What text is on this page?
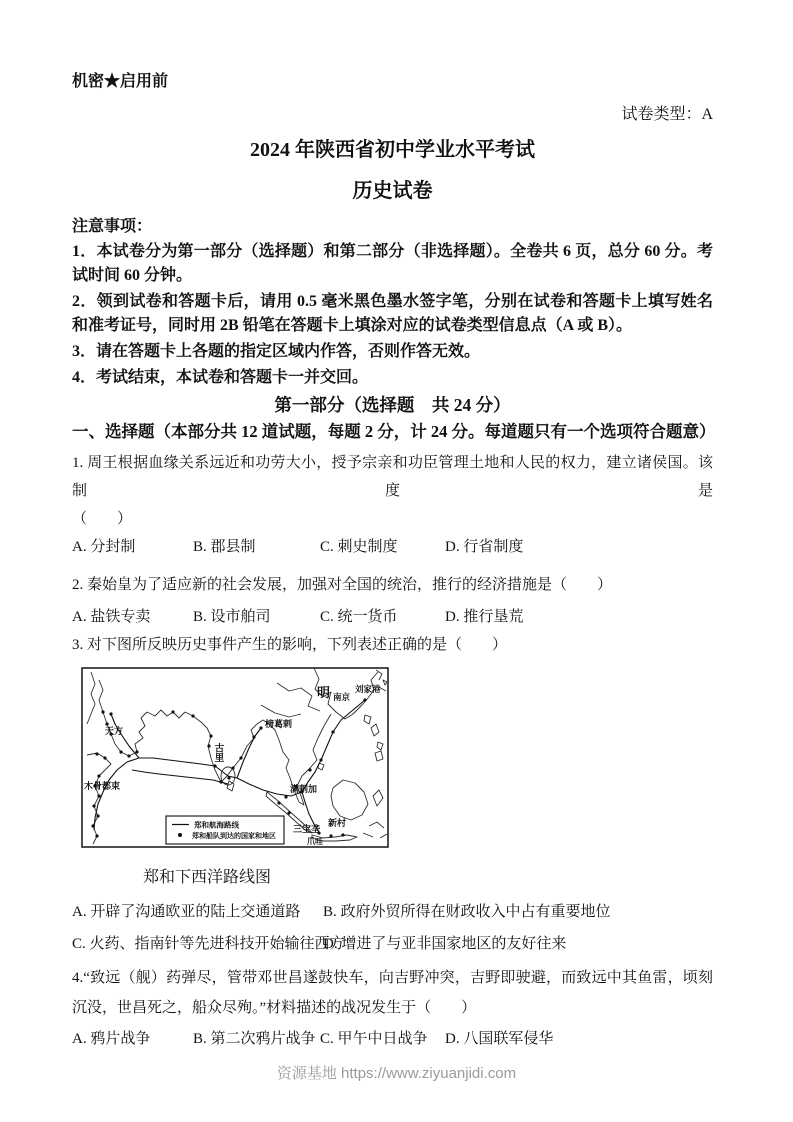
机密★启用前
试卷类型：A
2024 年陕西省初中学业水平考试
历史试卷
注意事项：

1．本试卷分为第一部分（选择题）和第二部分（非选择题）。全卷共 6 页，总分 60 分。考试时间 60 分钟。

2．领到试卷和答题卡后，请用 0.5 毫米黑色墨水签字笔，分别在试卷和答题卡上填写姓名和准考证号，同时用 2B 铅笔在答题卡上填涂对应的试卷类型信息点（A 或 B）。

3．请在答题卡上各题的指定区域内作答，否则作答无效。

4．考试结束，本试卷和答题卡一并交回。

第一部分（选择题　共 24 分）
一、选择题（本部分共 12 道试题，每题 2 分，计 24 分。每道题只有一个选项符合题意）

1. 周王根据血缘关系远近和功劳大小，授予宗亲和功臣管理土地和人民的权力，建立诸侯国。该制度是

（　　）

A. 分封制	B. 郡县制	C. 刺史制度	D. 行省制度

2. 秦始皇为了适应新的社会发展，加强对全国的统治，推行的经济措施是（　　）

A. 盐铁专卖	B. 设市舶司	C. 统一货币	D. 推行垦荒

3. 对下图所反映历史事件产生的影响，下列表述正确的是（　　）

明 南京
刘家港
榜葛剌
天方
古里
木骨都束	满剌加
三宝垄
新村
爪哇
郑和航海路线
郑和船队到达的国家和地区
郑和下西洋路线图
A. 开辟了沟通欧亚的陆上交通道路	B. 政府外贸所得在财政收入中占有重要地位
C. 火药、指南针等先进科技开始输往西方
D. 增进了与亚非国家地区的友好往来

4.“致远（舰）药弹尽，管带邓世昌遂鼓快车，向吉野冲突，吉野即驶避，而致远中其鱼雷，顷刻沉没，世昌死之，船众尽殉。”材料描述的战况发生于（　　）

A. 鸦片战争	B. 第二次鸦片战争 C. 甲午中日战争	D. 八国联军侵华
资源基地 https://www.ziyuanjidi.com
